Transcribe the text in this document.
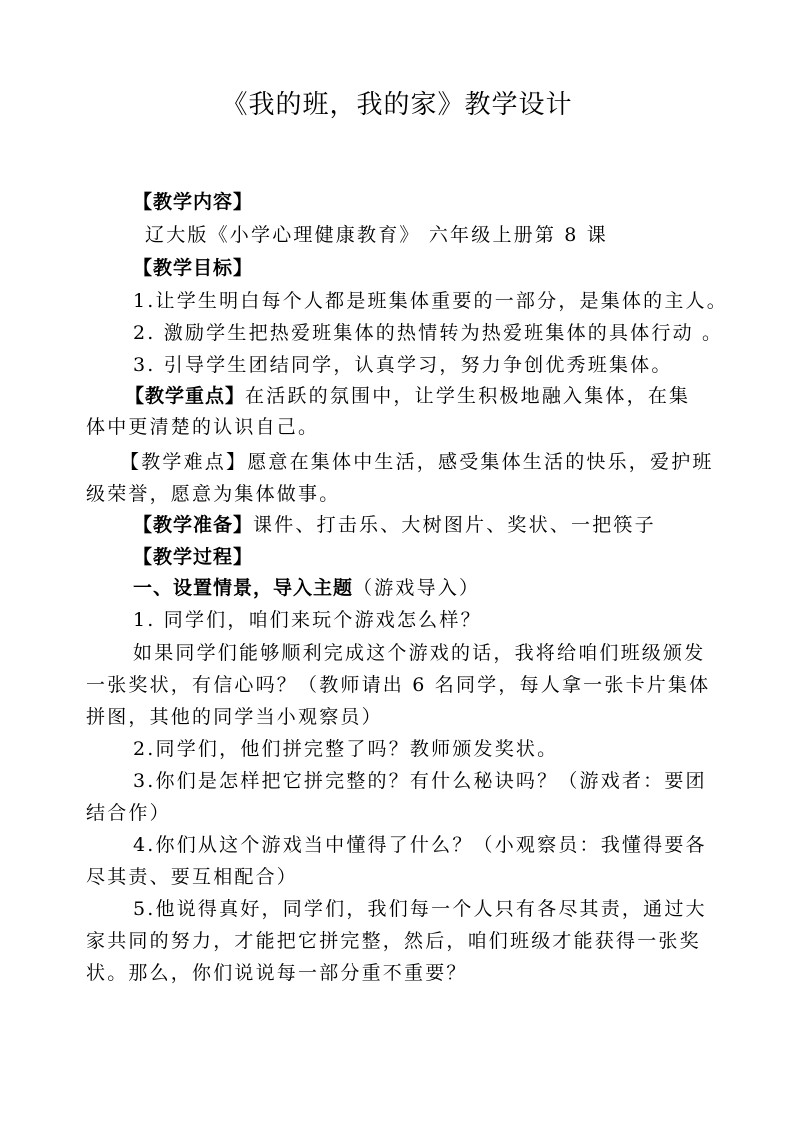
《我的班，我的家》教学设计
【教学内容】
辽大版《小学心理健康教育》 六年级上册第 8 课
【教学目标】
1.让学生明白每个人都是班集体重要的一部分，是集体的主人。
2. 激励学生把热爱班集体的热情转为热爱班集体的具体行动 。
3. 引导学生团结同学，认真学习，努力争创优秀班集体。
【教学重点】在活跃的氛围中，让学生积极地融入集体，在集
体中更清楚的认识自己。
【教学难点】愿意在集体中生活，感受集体生活的快乐，爱护班
级荣誉，愿意为集体做事。
【教学准备】课件、打击乐、大树图片、奖状、一把筷子
【教学过程】
一、设置情景，导入主题（游戏导入）
1. 同学们，咱们来玩个游戏怎么样？
如果同学们能够顺利完成这个游戏的话，我将给咱们班级颁发
一张奖状，有信心吗？（教师请出 6 名同学，每人拿一张卡片集体
拼图，其他的同学当小观察员）
2.同学们，他们拼完整了吗？教师颁发奖状。
3.你们是怎样把它拼完整的？有什么秘诀吗？（游戏者：要团
结合作）
4.你们从这个游戏当中懂得了什么？（小观察员：我懂得要各
尽其责、要互相配合）
5.他说得真好，同学们，我们每一个人只有各尽其责，通过大
家共同的努力，才能把它拼完整，然后，咱们班级才能获得一张奖
状。那么，你们说说每一部分重不重要？
